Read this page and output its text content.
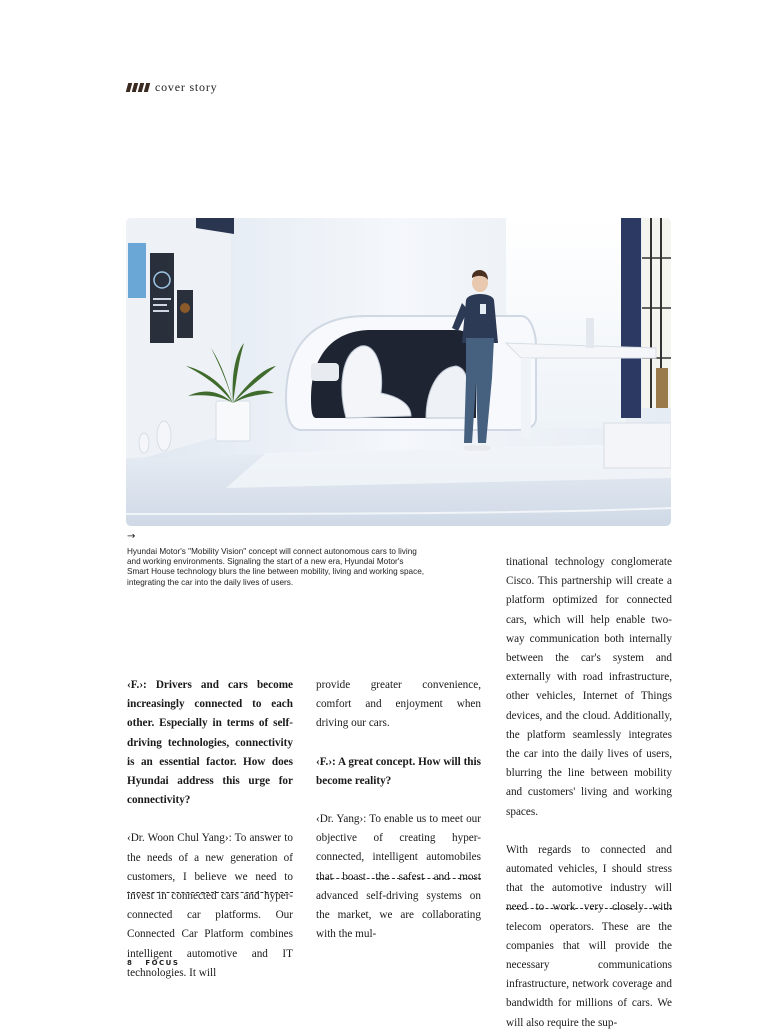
cover story
→
Hyundai Motor's "Mobility Vision" concept will connect autonomous cars to living and working environments. Signaling the start of a new era, Hyundai Motor's Smart House technology blurs the line between mobility, living and working space, integrating the car into the daily lives of users.

‹F.›: Drivers and cars become increasingly connected to each other. Especially in terms of self-driving technologies, connectivity is an essential factor. How does Hyundai address this urge for connectivity?

‹Dr. Woon Chul Yang›: To answer to the needs of a new generation of customers, I believe we need to invest in connected cars and hyper-connected car platforms. Our Connected Car Platform combines intelligent automotive and IT technologies. It will

provide greater convenience, comfort and enjoyment when driving our cars.

‹F.›: A great concept. How will this become reality?

‹Dr. Yang›: To enable us to meet our objective of creating hyper-connected, intelligent automobiles that boast the safest and most advanced self-driving systems on the market, we are collaborating with the mul-

tinational technology conglomerate Cisco. This partnership will create a platform optimized for connected cars, which will help enable two-way communication both internally between the car's system and externally with road infrastructure, other vehicles, Internet of Things devices, and the cloud. Additionally, the platform seamlessly integrates the car into the daily lives of users, blurring the line between mobility and customers' living and working spaces.

With regards to connected and automated vehicles, I should stress that the automotive industry will need to work very closely with telecom operators. These are the companies that will provide the necessary communications infrastructure, network coverage and bandwidth for millions of cars. We will also require the sup-

8 FOCUS
